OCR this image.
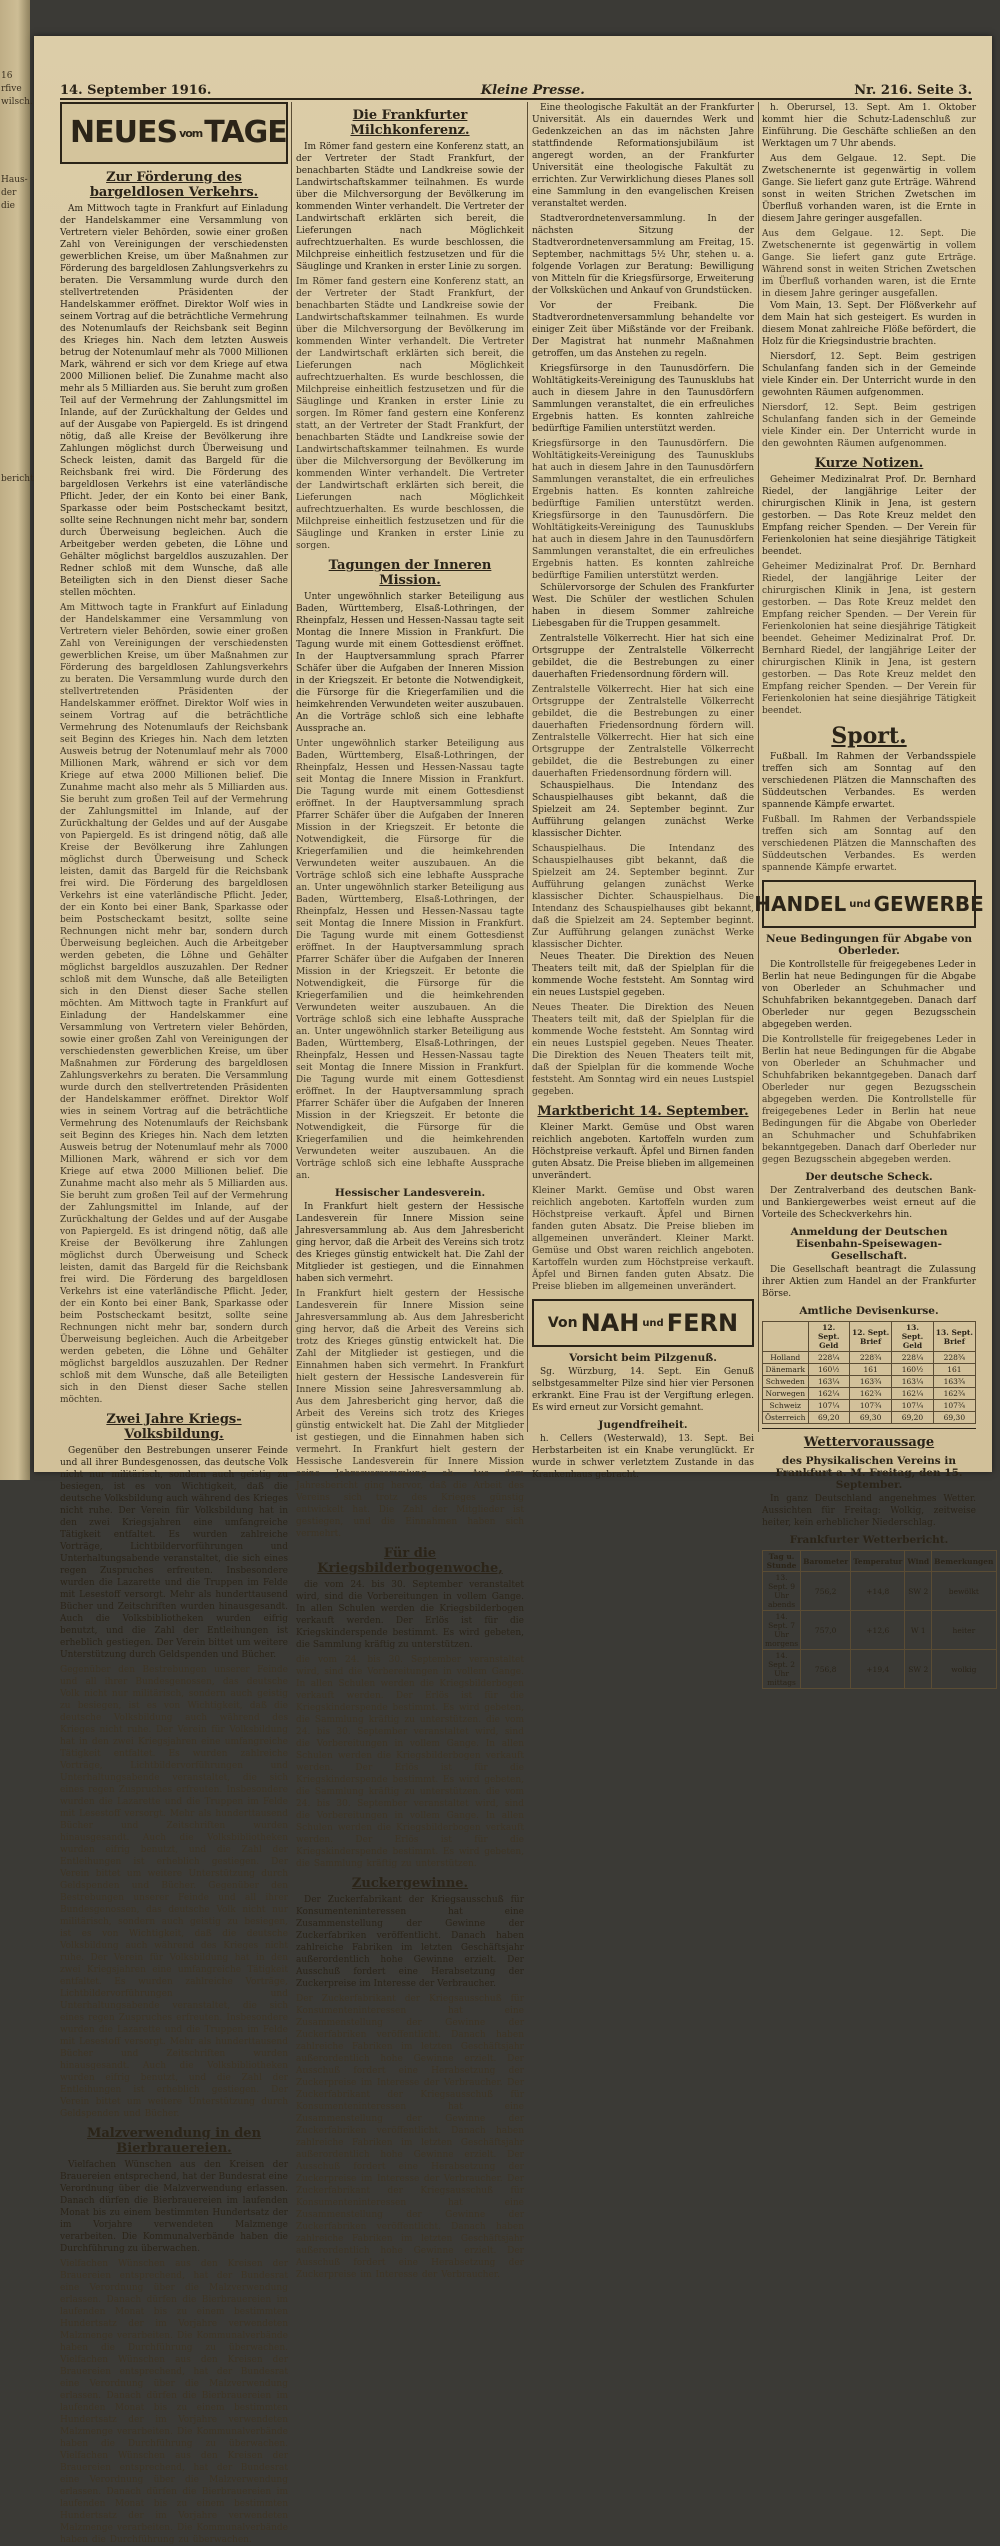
16
rfive
wilsch.

Haus-
der
die

bericht

14. September 1916.	Kleine Presse.	Nr. 216. Seite 3.
NEUES vomTAGE
Zur Förderung des bargeldlosen Verkehrs.

Am Mittwoch tagte in Frankfurt auf Einladung der Handelskammer eine Versammlung von Vertretern vieler Behörden, sowie einer großen Zahl von Vereinigungen der verschiedensten gewerblichen Kreise, um über Maßnahmen zur Förderung des bargeldlosen Zahlungsverkehrs zu beraten. Die Versammlung wurde durch den stellvertretenden Präsidenten der Handelskammer eröffnet. Direktor Wolf wies in seinem Vortrag auf die beträchtliche Vermehrung des Notenumlaufs der Reichsbank seit Beginn des Krieges hin. Nach dem letzten Ausweis betrug der Notenumlauf mehr als 7000 Millionen Mark, während er sich vor dem Kriege auf etwa 2000 Millionen belief. Die Zunahme macht also mehr als 5 Milliarden aus. Sie beruht zum großen Teil auf der Vermehrung der Zahlungsmittel im Inlande, auf der Zurückhaltung der Geldes und auf der Ausgabe von Papiergeld. Es ist dringend nötig, daß alle Kreise der Bevölkerung ihre Zahlungen möglichst durch Überweisung und Scheck leisten, damit das Bargeld für die Reichsbank frei wird. Die Förderung des bargeldlosen Verkehrs ist eine vaterländische Pflicht. Jeder, der ein Konto bei einer Bank, Sparkasse oder beim Postscheckamt besitzt, sollte seine Rechnungen nicht mehr bar, sondern durch Überweisung begleichen. Auch die Arbeitgeber werden gebeten, die Löhne und Gehälter möglichst bargeldlos auszuzahlen. Der Redner schloß mit dem Wunsche, daß alle Beteiligten sich in den Dienst dieser Sache stellen möchten.

Am Mittwoch tagte in Frankfurt auf Einladung der Handelskammer eine Versammlung von Vertretern vieler Behörden, sowie einer großen Zahl von Vereinigungen der verschiedensten gewerblichen Kreise, um über Maßnahmen zur Förderung des bargeldlosen Zahlungsverkehrs zu beraten. Die Versammlung wurde durch den stellvertretenden Präsidenten der Handelskammer eröffnet. Direktor Wolf wies in seinem Vortrag auf die beträchtliche Vermehrung des Notenumlaufs der Reichsbank seit Beginn des Krieges hin. Nach dem letzten Ausweis betrug der Notenumlauf mehr als 7000 Millionen Mark, während er sich vor dem Kriege auf etwa 2000 Millionen belief. Die Zunahme macht also mehr als 5 Milliarden aus. Sie beruht zum großen Teil auf der Vermehrung der Zahlungsmittel im Inlande, auf der Zurückhaltung der Geldes und auf der Ausgabe von Papiergeld. Es ist dringend nötig, daß alle Kreise der Bevölkerung ihre Zahlungen möglichst durch Überweisung und Scheck leisten, damit das Bargeld für die Reichsbank frei wird. Die Förderung des bargeldlosen Verkehrs ist eine vaterländische Pflicht. Jeder, der ein Konto bei einer Bank, Sparkasse oder beim Postscheckamt besitzt, sollte seine Rechnungen nicht mehr bar, sondern durch Überweisung begleichen. Auch die Arbeitgeber werden gebeten, die Löhne und Gehälter möglichst bargeldlos auszuzahlen. Der Redner schloß mit dem Wunsche, daß alle Beteiligten sich in den Dienst dieser Sache stellen möchten. Am Mittwoch tagte in Frankfurt auf Einladung der Handelskammer eine Versammlung von Vertretern vieler Behörden, sowie einer großen Zahl von Vereinigungen der verschiedensten gewerblichen Kreise, um über Maßnahmen zur Förderung des bargeldlosen Zahlungsverkehrs zu beraten. Die Versammlung wurde durch den stellvertretenden Präsidenten der Handelskammer eröffnet. Direktor Wolf wies in seinem Vortrag auf die beträchtliche Vermehrung des Notenumlaufs der Reichsbank seit Beginn des Krieges hin. Nach dem letzten Ausweis betrug der Notenumlauf mehr als 7000 Millionen Mark, während er sich vor dem Kriege auf etwa 2000 Millionen belief. Die Zunahme macht also mehr als 5 Milliarden aus. Sie beruht zum großen Teil auf der Vermehrung der Zahlungsmittel im Inlande, auf der Zurückhaltung der Geldes und auf der Ausgabe von Papiergeld. Es ist dringend nötig, daß alle Kreise der Bevölkerung ihre Zahlungen möglichst durch Überweisung und Scheck leisten, damit das Bargeld für die Reichsbank frei wird. Die Förderung des bargeldlosen Verkehrs ist eine vaterländische Pflicht. Jeder, der ein Konto bei einer Bank, Sparkasse oder beim Postscheckamt besitzt, sollte seine Rechnungen nicht mehr bar, sondern durch Überweisung begleichen. Auch die Arbeitgeber werden gebeten, die Löhne und Gehälter möglichst bargeldlos auszuzahlen. Der Redner schloß mit dem Wunsche, daß alle Beteiligten sich in den Dienst dieser Sache stellen möchten.
Zwei Jahre Kriegs-Volksbildung.

Gegenüber den Bestrebungen unserer Feinde und all ihrer Bundesgenossen, das deutsche Volk nicht nur militärisch, sondern auch geistig zu besiegen, ist es von Wichtigkeit, daß die deutsche Volksbildung auch während des Krieges nicht ruhe. Der Verein für Volksbildung hat in den zwei Kriegsjahren eine umfangreiche Tätigkeit entfaltet. Es wurden zahlreiche Vorträge, Lichtbildervorführungen und Unterhaltungsabende veranstaltet, die sich eines regen Zuspruches erfreuten. Insbesondere wurden die Lazarette und die Truppen im Felde mit Lesestoff versorgt. Mehr als hunderttausend Bücher und Zeitschriften wurden hinausgesandt. Auch die Volksbibliotheken wurden eifrig benutzt, und die Zahl der Entleihungen ist erheblich gestiegen. Der Verein bittet um weitere Unterstützung durch Geldspenden und Bücher.

Gegenüber den Bestrebungen unserer Feinde und all ihrer Bundesgenossen, das deutsche Volk nicht nur militärisch, sondern auch geistig zu besiegen, ist es von Wichtigkeit, daß die deutsche Volksbildung auch während des Krieges nicht ruhe. Der Verein für Volksbildung hat in den zwei Kriegsjahren eine umfangreiche Tätigkeit entfaltet. Es wurden zahlreiche Vorträge, Lichtbildervorführungen und Unterhaltungsabende veranstaltet, die sich eines regen Zuspruches erfreuten. Insbesondere wurden die Lazarette und die Truppen im Felde mit Lesestoff versorgt. Mehr als hunderttausend Bücher und Zeitschriften wurden hinausgesandt. Auch die Volksbibliotheken wurden eifrig benutzt, und die Zahl der Entleihungen ist erheblich gestiegen. Der Verein bittet um weitere Unterstützung durch Geldspenden und Bücher. Gegenüber den Bestrebungen unserer Feinde und all ihrer Bundesgenossen, das deutsche Volk nicht nur militärisch, sondern auch geistig zu besiegen, ist es von Wichtigkeit, daß die deutsche Volksbildung auch während des Krieges nicht ruhe. Der Verein für Volksbildung hat in den zwei Kriegsjahren eine umfangreiche Tätigkeit entfaltet. Es wurden zahlreiche Vorträge, Lichtbildervorführungen und Unterhaltungsabende veranstaltet, die sich eines regen Zuspruches erfreuten. Insbesondere wurden die Lazarette und die Truppen im Felde mit Lesestoff versorgt. Mehr als hunderttausend Bücher und Zeitschriften wurden hinausgesandt. Auch die Volksbibliotheken wurden eifrig benutzt, und die Zahl der Entleihungen ist erheblich gestiegen. Der Verein bittet um weitere Unterstützung durch Geldspenden und Bücher.
Malzverwendung in den Bierbrauereien.

Vielfachen Wünschen aus den Kreisen der Brauereien entsprechend, hat der Bundesrat eine Verordnung über die Malzverwendung erlassen. Danach dürfen die Bierbrauereien im laufenden Monat bis zu einem bestimmten Hundertsatz der im Vorjahre verwendeten Malzmenge verarbeiten. Die Kommunalverbände haben die Durchführung zu überwachen.

Vielfachen Wünschen aus den Kreisen der Brauereien entsprechend, hat der Bundesrat eine Verordnung über die Malzverwendung erlassen. Danach dürfen die Bierbrauereien im laufenden Monat bis zu einem bestimmten Hundertsatz der im Vorjahre verwendeten Malzmenge verarbeiten. Die Kommunalverbände haben die Durchführung zu überwachen. Vielfachen Wünschen aus den Kreisen der Brauereien entsprechend, hat der Bundesrat eine Verordnung über die Malzverwendung erlassen. Danach dürfen die Bierbrauereien im laufenden Monat bis zu einem bestimmten Hundertsatz der im Vorjahre verwendeten Malzmenge verarbeiten. Die Kommunalverbände haben die Durchführung zu überwachen. Vielfachen Wünschen aus den Kreisen der Brauereien entsprechend, hat der Bundesrat eine Verordnung über die Malzverwendung erlassen. Danach dürfen die Bierbrauereien im laufenden Monat bis zu einem bestimmten Hundertsatz der im Vorjahre verwendeten Malzmenge verarbeiten. Die Kommunalverbände haben die Durchführung zu überwachen.
Die Frankfurter Milchkonferenz.

Im Römer fand gestern eine Konferenz statt, an der Vertreter der Stadt Frankfurt, der benachbarten Städte und Landkreise sowie der Landwirtschaftskammer teilnahmen. Es wurde über die Milchversorgung der Bevölkerung im kommenden Winter verhandelt. Die Vertreter der Landwirtschaft erklärten sich bereit, die Lieferungen nach Möglichkeit aufrechtzuerhalten. Es wurde beschlossen, die Milchpreise einheitlich festzusetzen und für die Säuglinge und Kranken in erster Linie zu sorgen.

Im Römer fand gestern eine Konferenz statt, an der Vertreter der Stadt Frankfurt, der benachbarten Städte und Landkreise sowie der Landwirtschaftskammer teilnahmen. Es wurde über die Milchversorgung der Bevölkerung im kommenden Winter verhandelt. Die Vertreter der Landwirtschaft erklärten sich bereit, die Lieferungen nach Möglichkeit aufrechtzuerhalten. Es wurde beschlossen, die Milchpreise einheitlich festzusetzen und für die Säuglinge und Kranken in erster Linie zu sorgen. Im Römer fand gestern eine Konferenz statt, an der Vertreter der Stadt Frankfurt, der benachbarten Städte und Landkreise sowie der Landwirtschaftskammer teilnahmen. Es wurde über die Milchversorgung der Bevölkerung im kommenden Winter verhandelt. Die Vertreter der Landwirtschaft erklärten sich bereit, die Lieferungen nach Möglichkeit aufrechtzuerhalten. Es wurde beschlossen, die Milchpreise einheitlich festzusetzen und für die Säuglinge und Kranken in erster Linie zu sorgen.
Tagungen der Inneren Mission.

Unter ungewöhnlich starker Beteiligung aus Baden, Württemberg, Elsaß-Lothringen, der Rheinpfalz, Hessen und Hessen-Nassau tagte seit Montag die Innere Mission in Frankfurt. Die Tagung wurde mit einem Gottesdienst eröffnet. In der Hauptversammlung sprach Pfarrer Schäfer über die Aufgaben der Inneren Mission in der Kriegszeit. Er betonte die Notwendigkeit, die Fürsorge für die Kriegerfamilien und die heimkehrenden Verwundeten weiter auszubauen. An die Vorträge schloß sich eine lebhafte Aussprache an.

Unter ungewöhnlich starker Beteiligung aus Baden, Württemberg, Elsaß-Lothringen, der Rheinpfalz, Hessen und Hessen-Nassau tagte seit Montag die Innere Mission in Frankfurt. Die Tagung wurde mit einem Gottesdienst eröffnet. In der Hauptversammlung sprach Pfarrer Schäfer über die Aufgaben der Inneren Mission in der Kriegszeit. Er betonte die Notwendigkeit, die Fürsorge für die Kriegerfamilien und die heimkehrenden Verwundeten weiter auszubauen. An die Vorträge schloß sich eine lebhafte Aussprache an. Unter ungewöhnlich starker Beteiligung aus Baden, Württemberg, Elsaß-Lothringen, der Rheinpfalz, Hessen und Hessen-Nassau tagte seit Montag die Innere Mission in Frankfurt. Die Tagung wurde mit einem Gottesdienst eröffnet. In der Hauptversammlung sprach Pfarrer Schäfer über die Aufgaben der Inneren Mission in der Kriegszeit. Er betonte die Notwendigkeit, die Fürsorge für die Kriegerfamilien und die heimkehrenden Verwundeten weiter auszubauen. An die Vorträge schloß sich eine lebhafte Aussprache an. Unter ungewöhnlich starker Beteiligung aus Baden, Württemberg, Elsaß-Lothringen, der Rheinpfalz, Hessen und Hessen-Nassau tagte seit Montag die Innere Mission in Frankfurt. Die Tagung wurde mit einem Gottesdienst eröffnet. In der Hauptversammlung sprach Pfarrer Schäfer über die Aufgaben der Inneren Mission in der Kriegszeit. Er betonte die Notwendigkeit, die Fürsorge für die Kriegerfamilien und die heimkehrenden Verwundeten weiter auszubauen. An die Vorträge schloß sich eine lebhafte Aussprache an.
Hessischer Landesverein.

In Frankfurt hielt gestern der Hessische Landesverein für Innere Mission seine Jahresversammlung ab. Aus dem Jahresbericht ging hervor, daß die Arbeit des Vereins sich trotz des Krieges günstig entwickelt hat. Die Zahl der Mitglieder ist gestiegen, und die Einnahmen haben sich vermehrt.

In Frankfurt hielt gestern der Hessische Landesverein für Innere Mission seine Jahresversammlung ab. Aus dem Jahresbericht ging hervor, daß die Arbeit des Vereins sich trotz des Krieges günstig entwickelt hat. Die Zahl der Mitglieder ist gestiegen, und die Einnahmen haben sich vermehrt. In Frankfurt hielt gestern der Hessische Landesverein für Innere Mission seine Jahresversammlung ab. Aus dem Jahresbericht ging hervor, daß die Arbeit des Vereins sich trotz des Krieges günstig entwickelt hat. Die Zahl der Mitglieder ist gestiegen, und die Einnahmen haben sich vermehrt. In Frankfurt hielt gestern der Hessische Landesverein für Innere Mission seine Jahresversammlung ab. Aus dem Jahresbericht ging hervor, daß die Arbeit des Vereins sich trotz des Krieges günstig entwickelt hat. Die Zahl der Mitglieder ist gestiegen, und die Einnahmen haben sich vermehrt.
Für die Kriegsbilderbogenwoche,

die vom 24. bis 30. September veranstaltet wird, sind die Vorbereitungen in vollem Gange. In allen Schulen werden die Kriegsbilderbogen verkauft werden. Der Erlös ist für die Kriegskinderspende bestimmt. Es wird gebeten, die Sammlung kräftig zu unterstützen.

die vom 24. bis 30. September veranstaltet wird, sind die Vorbereitungen in vollem Gange. In allen Schulen werden die Kriegsbilderbogen verkauft werden. Der Erlös ist für die Kriegskinderspende bestimmt. Es wird gebeten, die Sammlung kräftig zu unterstützen. die vom 24. bis 30. September veranstaltet wird, sind die Vorbereitungen in vollem Gange. In allen Schulen werden die Kriegsbilderbogen verkauft werden. Der Erlös ist für die Kriegskinderspende bestimmt. Es wird gebeten, die Sammlung kräftig zu unterstützen. die vom 24. bis 30. September veranstaltet wird, sind die Vorbereitungen in vollem Gange. In allen Schulen werden die Kriegsbilderbogen verkauft werden. Der Erlös ist für die Kriegskinderspende bestimmt. Es wird gebeten, die Sammlung kräftig zu unterstützen.
Zuckergewinne.

Der Zuckerfabrikant der Kriegsausschuß für Konsumenteninteressen hat eine Zusammenstellung der Gewinne der Zuckerfabriken veröffentlicht. Danach haben zahlreiche Fabriken im letzten Geschäftsjahr außerordentlich hohe Gewinne erzielt. Der Ausschuß fordert eine Herabsetzung der Zuckerpreise im Interesse der Verbraucher.

Der Zuckerfabrikant der Kriegsausschuß für Konsumenteninteressen hat eine Zusammenstellung der Gewinne der Zuckerfabriken veröffentlicht. Danach haben zahlreiche Fabriken im letzten Geschäftsjahr außerordentlich hohe Gewinne erzielt. Der Ausschuß fordert eine Herabsetzung der Zuckerpreise im Interesse der Verbraucher. Der Zuckerfabrikant der Kriegsausschuß für Konsumenteninteressen hat eine Zusammenstellung der Gewinne der Zuckerfabriken veröffentlicht. Danach haben zahlreiche Fabriken im letzten Geschäftsjahr außerordentlich hohe Gewinne erzielt. Der Ausschuß fordert eine Herabsetzung der Zuckerpreise im Interesse der Verbraucher. Der Zuckerfabrikant der Kriegsausschuß für Konsumenteninteressen hat eine Zusammenstellung der Gewinne der Zuckerfabriken veröffentlicht. Danach haben zahlreiche Fabriken im letzten Geschäftsjahr außerordentlich hohe Gewinne erzielt. Der Ausschuß fordert eine Herabsetzung der Zuckerpreise im Interesse der Verbraucher.

Eine theologische Fakultät an der Frankfurter Universität. Als ein dauerndes Werk und Gedenkzeichen an das im nächsten Jahre stattfindende Reformationsjubiläum ist angeregt worden, an der Frankfurter Universität eine theologische Fakultät zu errichten. Zur Verwirklichung dieses Planes soll eine Sammlung in den evangelischen Kreisen veranstaltet werden.

Stadtverordnetenversammlung. In der nächsten Sitzung der Stadtverordnetenversammlung am Freitag, 15. September, nachmittags 5½ Uhr, stehen u. a. folgende Vorlagen zur Beratung: Bewilligung von Mitteln für die Kriegsfürsorge, Erweiterung der Volksküchen und Ankauf von Grundstücken.

Vor der Freibank. Die Stadtverordnetenversammlung behandelte vor einiger Zeit über Mißstände vor der Freibank. Der Magistrat hat nunmehr Maßnahmen getroffen, um das Anstehen zu regeln.

Kriegsfürsorge in den Taunusdörfern. Die Wohltätigkeits-Vereinigung des Taunusklubs hat auch in diesem Jahre in den Taunusdörfern Sammlungen veranstaltet, die ein erfreuliches Ergebnis hatten. Es konnten zahlreiche bedürftige Familien unterstützt werden.

Kriegsfürsorge in den Taunusdörfern. Die Wohltätigkeits-Vereinigung des Taunusklubs hat auch in diesem Jahre in den Taunusdörfern Sammlungen veranstaltet, die ein erfreuliches Ergebnis hatten. Es konnten zahlreiche bedürftige Familien unterstützt werden. Kriegsfürsorge in den Taunusdörfern. Die Wohltätigkeits-Vereinigung des Taunusklubs hat auch in diesem Jahre in den Taunusdörfern Sammlungen veranstaltet, die ein erfreuliches Ergebnis hatten. Es konnten zahlreiche bedürftige Familien unterstützt werden.

Schülervorsorge der Schulen des Frankfurter West. Die Schüler der westlichen Schulen haben in diesem Sommer zahlreiche Liebesgaben für die Truppen gesammelt.

Zentralstelle Völkerrecht. Hier hat sich eine Ortsgruppe der Zentralstelle Völkerrecht gebildet, die die Bestrebungen zu einer dauerhaften Friedensordnung fördern will.

Zentralstelle Völkerrecht. Hier hat sich eine Ortsgruppe der Zentralstelle Völkerrecht gebildet, die die Bestrebungen zu einer dauerhaften Friedensordnung fördern will. Zentralstelle Völkerrecht. Hier hat sich eine Ortsgruppe der Zentralstelle Völkerrecht gebildet, die die Bestrebungen zu einer dauerhaften Friedensordnung fördern will.

Schauspielhaus. Die Intendanz des Schauspielhauses gibt bekannt, daß die Spielzeit am 24. September beginnt. Zur Aufführung gelangen zunächst Werke klassischer Dichter.

Schauspielhaus. Die Intendanz des Schauspielhauses gibt bekannt, daß die Spielzeit am 24. September beginnt. Zur Aufführung gelangen zunächst Werke klassischer Dichter. Schauspielhaus. Die Intendanz des Schauspielhauses gibt bekannt, daß die Spielzeit am 24. September beginnt. Zur Aufführung gelangen zunächst Werke klassischer Dichter.

Neues Theater. Die Direktion des Neuen Theaters teilt mit, daß der Spielplan für die kommende Woche feststeht. Am Sonntag wird ein neues Lustspiel gegeben.

Neues Theater. Die Direktion des Neuen Theaters teilt mit, daß der Spielplan für die kommende Woche feststeht. Am Sonntag wird ein neues Lustspiel gegeben. Neues Theater. Die Direktion des Neuen Theaters teilt mit, daß der Spielplan für die kommende Woche feststeht. Am Sonntag wird ein neues Lustspiel gegeben.
Marktbericht 14. September.

Kleiner Markt. Gemüse und Obst waren reichlich angeboten. Kartoffeln wurden zum Höchstpreise verkauft. Äpfel und Birnen fanden guten Absatz. Die Preise blieben im allgemeinen unverändert.

Kleiner Markt. Gemüse und Obst waren reichlich angeboten. Kartoffeln wurden zum Höchstpreise verkauft. Äpfel und Birnen fanden guten Absatz. Die Preise blieben im allgemeinen unverändert. Kleiner Markt. Gemüse und Obst waren reichlich angeboten. Kartoffeln wurden zum Höchstpreise verkauft. Äpfel und Birnen fanden guten Absatz. Die Preise blieben im allgemeinen unverändert.
Von NAH und FERN
Vorsicht beim Pilzgenuß.

Sg. Würzburg, 14. Sept. Ein Genuß selbstgesammelter Pilze sind hier vier Personen erkrankt. Eine Frau ist der Vergiftung erlegen. Es wird erneut zur Vorsicht gemahnt.

Jugendfreiheit.

h. Cellers (Westerwald), 13. Sept. Bei Herbstarbeiten ist ein Knabe verunglückt. Er wurde in schwer verletztem Zustande in das Krankenhaus gebracht.

h. Oberursel, 13. Sept. Am 1. Oktober kommt hier die Schutz-Ladenschluß zur Einführung. Die Geschäfte schließen an den Werktagen um 7 Uhr abends.

Aus dem Gelgaue. 12. Sept. Die Zwetschenernte ist gegenwärtig in vollem Gange. Sie liefert ganz gute Erträge. Während sonst in weiten Strichen Zwetschen im Überfluß vorhanden waren, ist die Ernte in diesem Jahre geringer ausgefallen.

Aus dem Gelgaue. 12. Sept. Die Zwetschenernte ist gegenwärtig in vollem Gange. Sie liefert ganz gute Erträge. Während sonst in weiten Strichen Zwetschen im Überfluß vorhanden waren, ist die Ernte in diesem Jahre geringer ausgefallen.

Vom Main, 13. Sept. Der Flößverkehr auf dem Main hat sich gesteigert. Es wurden in diesem Monat zahlreiche Flöße befördert, die Holz für die Kriegsindustrie brachten.

Niersdorf, 12. Sept. Beim gestrigen Schulanfang fanden sich in der Gemeinde viele Kinder ein. Der Unterricht wurde in den gewohnten Räumen aufgenommen.

Niersdorf, 12. Sept. Beim gestrigen Schulanfang fanden sich in der Gemeinde viele Kinder ein. Der Unterricht wurde in den gewohnten Räumen aufgenommen.
Kurze Notizen.

Geheimer Medizinalrat Prof. Dr. Bernhard Riedel, der langjährige Leiter der chirurgischen Klinik in Jena, ist gestern gestorben. — Das Rote Kreuz meldet den Empfang reicher Spenden. — Der Verein für Ferienkolonien hat seine diesjährige Tätigkeit beendet.

Geheimer Medizinalrat Prof. Dr. Bernhard Riedel, der langjährige Leiter der chirurgischen Klinik in Jena, ist gestern gestorben. — Das Rote Kreuz meldet den Empfang reicher Spenden. — Der Verein für Ferienkolonien hat seine diesjährige Tätigkeit beendet. Geheimer Medizinalrat Prof. Dr. Bernhard Riedel, der langjährige Leiter der chirurgischen Klinik in Jena, ist gestern gestorben. — Das Rote Kreuz meldet den Empfang reicher Spenden. — Der Verein für Ferienkolonien hat seine diesjährige Tätigkeit beendet.
Sport.

Fußball. Im Rahmen der Verbandsspiele treffen sich am Sonntag auf den verschiedenen Plätzen die Mannschaften des Süddeutschen Verbandes. Es werden spannende Kämpfe erwartet.

Fußball. Im Rahmen der Verbandsspiele treffen sich am Sonntag auf den verschiedenen Plätzen die Mannschaften des Süddeutschen Verbandes. Es werden spannende Kämpfe erwartet.
HANDEL und GEWERBE
Neue Bedingungen für Abgabe von Oberleder.

Die Kontrollstelle für freigegebenes Leder in Berlin hat neue Bedingungen für die Abgabe von Oberleder an Schuhmacher und Schuhfabriken bekanntgegeben. Danach darf Oberleder nur gegen Bezugsschein abgegeben werden.

Die Kontrollstelle für freigegebenes Leder in Berlin hat neue Bedingungen für die Abgabe von Oberleder an Schuhmacher und Schuhfabriken bekanntgegeben. Danach darf Oberleder nur gegen Bezugsschein abgegeben werden. Die Kontrollstelle für freigegebenes Leder in Berlin hat neue Bedingungen für die Abgabe von Oberleder an Schuhmacher und Schuhfabriken bekanntgegeben. Danach darf Oberleder nur gegen Bezugsschein abgegeben werden.
Der deutsche Scheck.

Der Zentralverband des deutschen Bank- und Bankiergewerbes weist erneut auf die Vorteile des Scheckverkehrs hin.

Anmeldung der Deutschen Eisenbahn-Speisewagen-Gesellschaft.

Die Gesellschaft beantragt die Zulassung ihrer Aktien zum Handel an der Frankfurter Börse.

Amtliche Devisenkurse.
	12. Sept. Geld	12. Sept. Brief	13. Sept. Geld	13. Sept. Brief
Holland	228¼	228¾	228¼	228¾
Dänemark	160½	161	160½	161
Schweden	163¼	163¾	163¼	163¾
Norwegen	162¼	162¾	162¼	162¾
Schweiz	107¼	107¾	107¼	107¾
Österreich	69,20	69,30	69,20	69,30
Wettervoraussage
des Physikalischen Vereins in Frankfurt a. M. Freitag, den 15. September.

In ganz Deutschland angenehmes Wetter. Aussichten für Freitag: Wolkig, zeitweise heiter, kein erheblicher Niederschlag.

Frankfurter Wetterbericht.
Tag u. Stunde	Barometer	Temperatur	Wind	Bemerkungen
13. Sept. 9 Uhr abends	756,2	+14,8	SW 2	bewölkt
14. Sept. 7 Uhr morgens	757,0	+12,6	W 1	heiter
14. Sept. 2 Uhr mittags	756,8	+19,4	SW 2	wolkig
